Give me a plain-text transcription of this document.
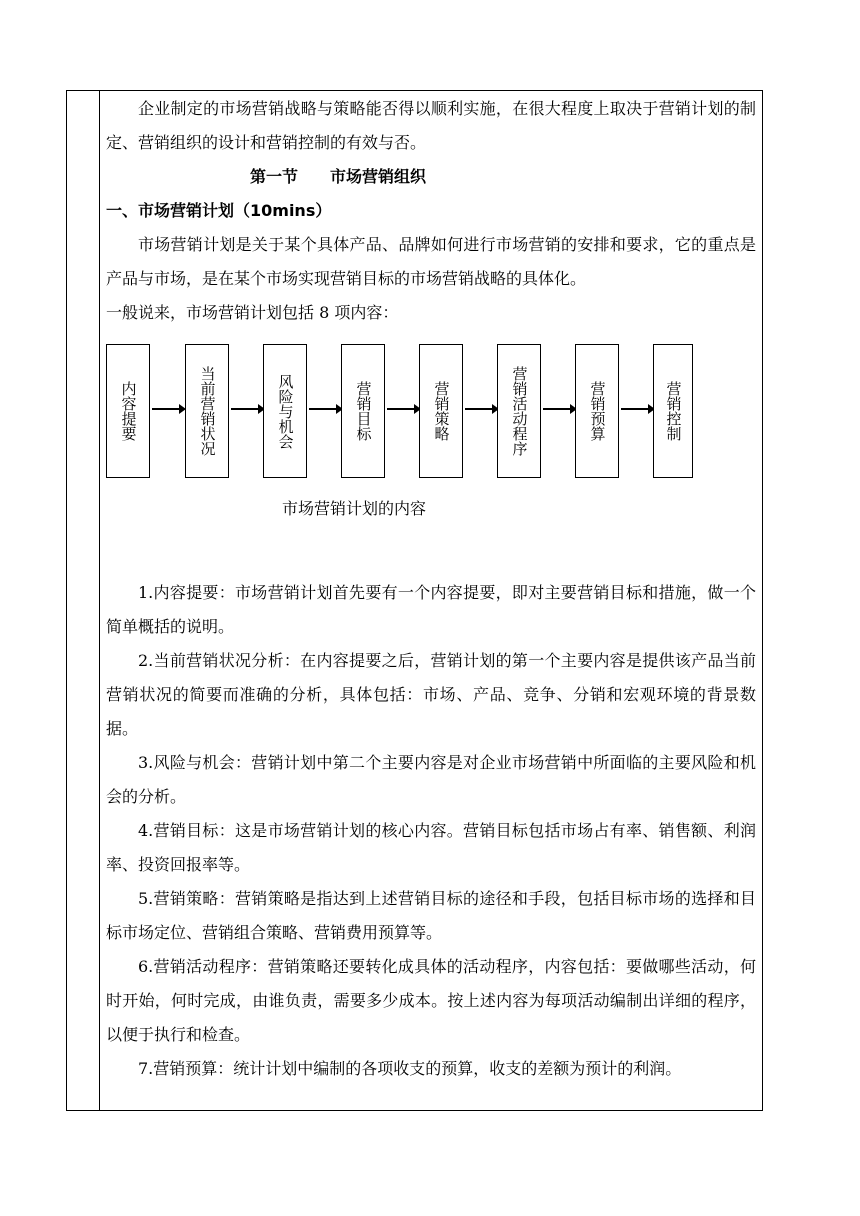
企业制定的市场营销战略与策略能否得以顺利实施，在很大程度上取决于营销计划的制定、营销组织的设计和营销控制的有效与否。

第一节 市场营销组织

一、市场营销计划（10mins）

市场营销计划是关于某个具体产品、品牌如何进行市场营销的安排和要求，它的重点是产品与市场，是在某个市场实现营销目标的市场营销战略的具体化。

一般说来，市场营销计划包括 8 项内容：

内容提要	当前营销状况	风险与机会	营销目标	营销策略	营销活动程序	营销预算	营销控制

市场营销计划的内容

1.内容提要：市场营销计划首先要有一个内容提要，即对主要营销目标和措施，做一个简单概括的说明。

2.当前营销状况分析：在内容提要之后，营销计划的第一个主要内容是提供该产品当前营销状况的简要而准确的分析，具体包括：市场、产品、竞争、分销和宏观环境的背景数据。

3.风险与机会：营销计划中第二个主要内容是对企业市场营销中所面临的主要风险和机会的分析。

4.营销目标：这是市场营销计划的核心内容。营销目标包括市场占有率、销售额、利润率、投资回报率等。

5.营销策略：营销策略是指达到上述营销目标的途径和手段，包括目标市场的选择和目标市场定位、营销组合策略、营销费用预算等。

6.营销活动程序：营销策略还要转化成具体的活动程序，内容包括：要做哪些活动，何时开始，何时完成，由谁负责，需要多少成本。按上述内容为每项活动编制出详细的程序，以便于执行和检查。

7.营销预算：统计计划中编制的各项收支的预算，收支的差额为预计的利润。
